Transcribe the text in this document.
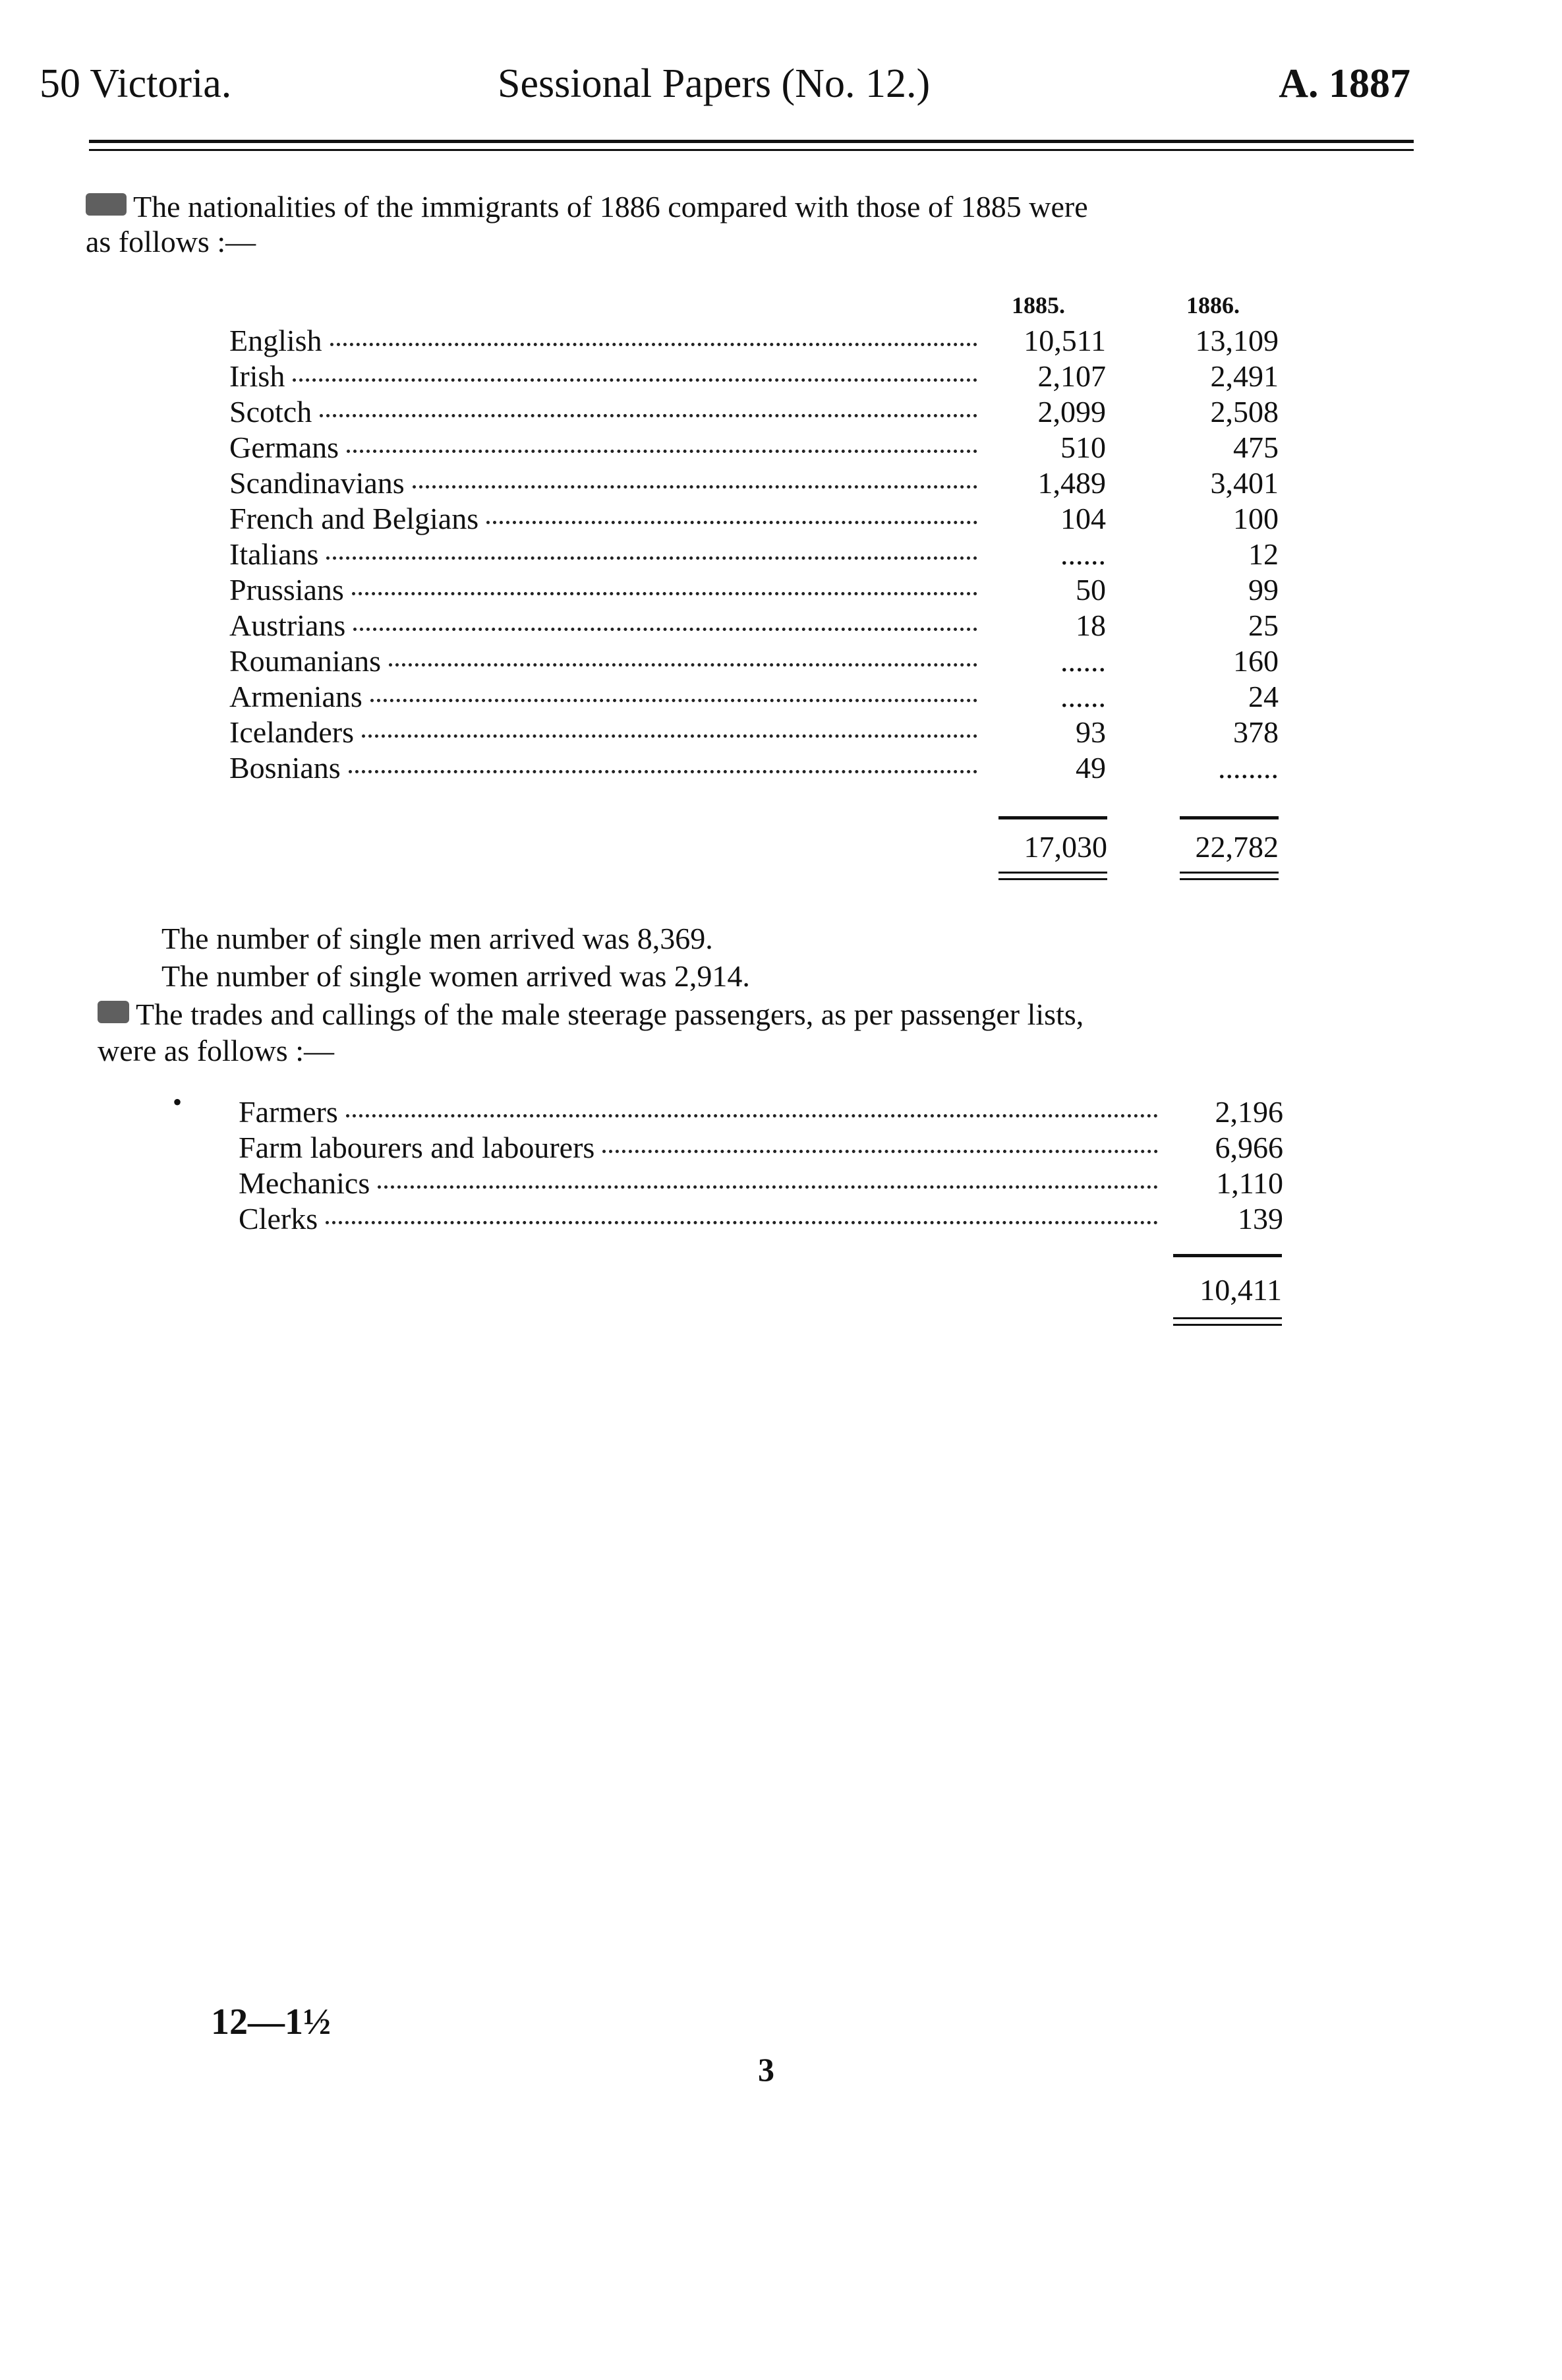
50 Victoria.	Sessional Papers (No. 12.)	A. 1887
The nationalities of the immigrants of 1886 compared with those of 1885 were
as follows :—
1885.	1886.
English	10,511	13,109
Irish	2,107	2,491
Scotch	2,099	2,508
Germans	510	475
Scandinavians	1,489	3,401
French and Belgians	104	100
Italians	......	12
Prussians	50	99
Austrians	18	25
Roumanians	......	160
Armenians	......	24
Icelanders	93	378
Bosnians	49	........
17,030	22,782
The number of single men arrived was 8,369.
The number of single women arrived was 2,914.
The trades and callings of the male steerage passengers, as per passenger lists,
were as follows :—
• Farmers	2,196
Farm labourers and labourers	6,966
Mechanics	1,110
Clerks	139
10,411
12—1½
3
